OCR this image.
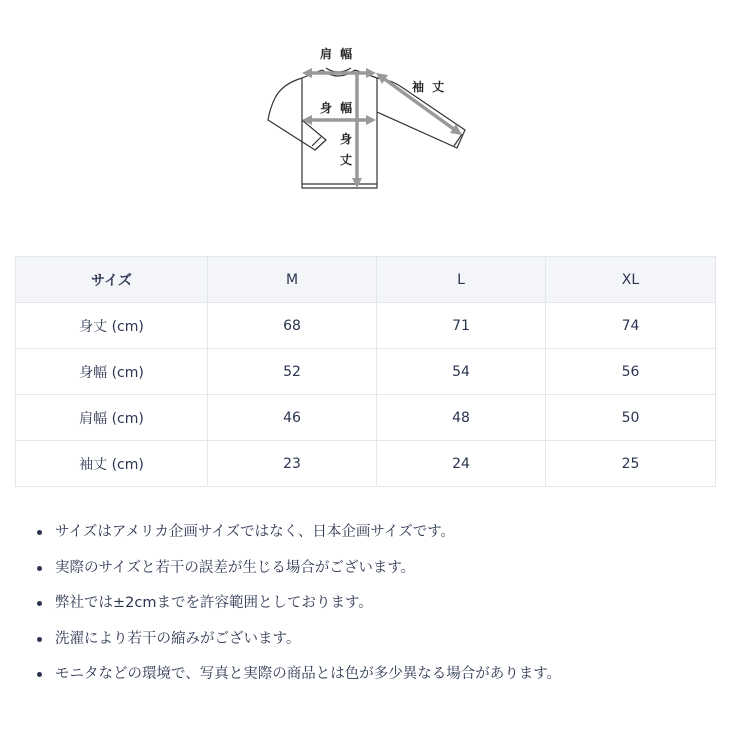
肩 幅
袖 丈
身 幅
身
丈
サイズ	M	L	XL
身丈 (cm)	68	71	74
身幅 (cm)	52	54	56
肩幅 (cm)	46	48	50
袖丈 (cm)	23	24	25
サイズはアメリカ企画サイズではなく、日本企画サイズです。
実際のサイズと若干の誤差が生じる場合がございます。
弊社では±2cmまでを許容範囲としております。
洗濯により若干の縮みがございます。
モニタなどの環境で、写真と実際の商品とは色が多少異なる場合があります。
